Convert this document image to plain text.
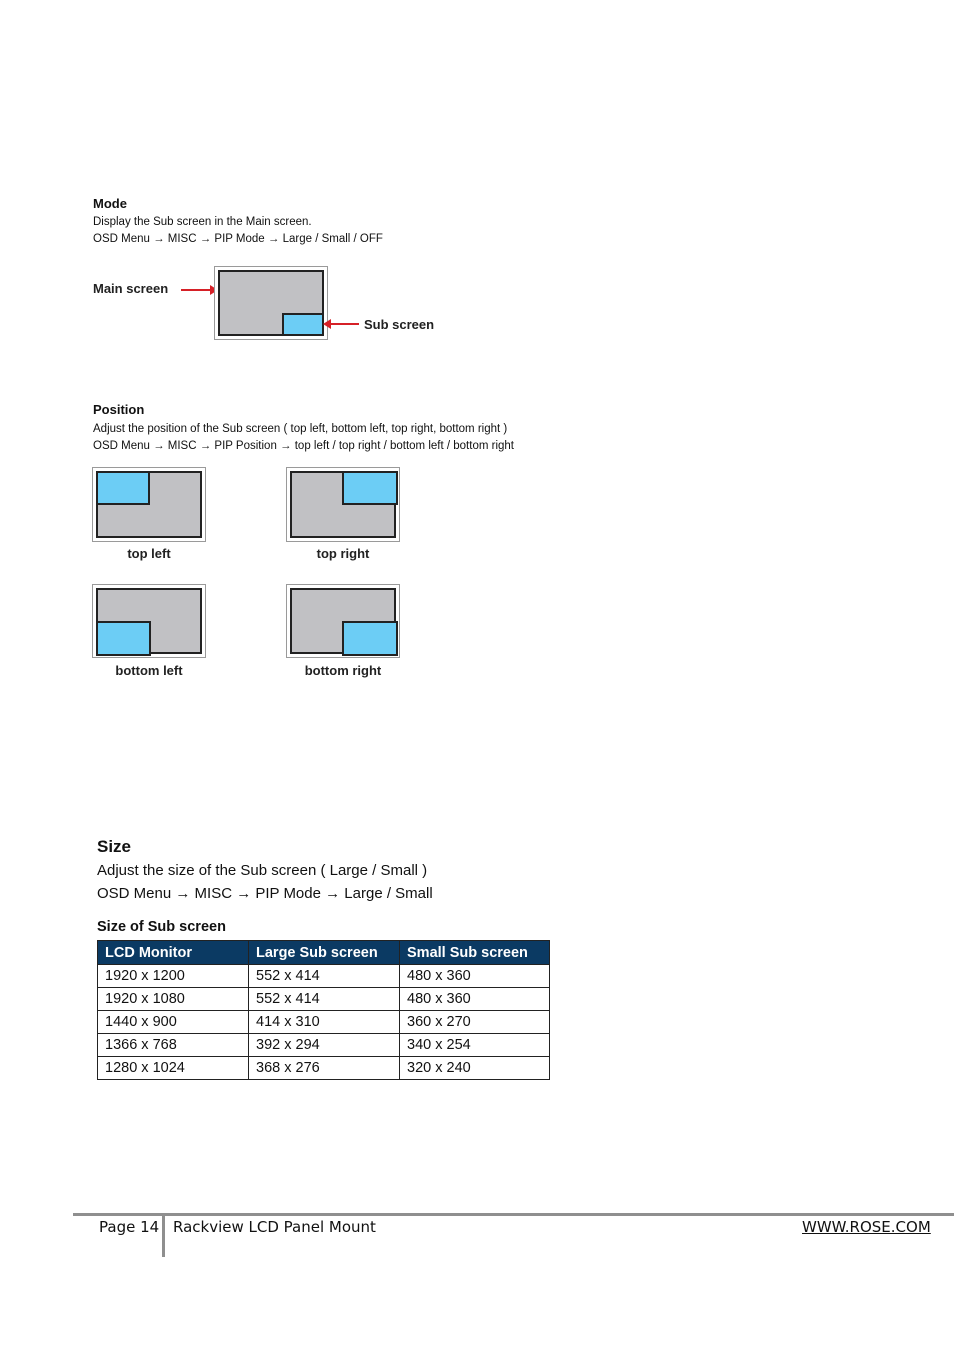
Mode
Display the Sub screen in the Main screen.
OSD Menu → MISC → PIP Mode → Large / Small / OFF
Main screen
Sub screen
Position
Adjust the position of the Sub screen ( top left, bottom left, top right, bottom right )
OSD Menu → MISC → PIP Position → top left / top right / bottom left / bottom right
top left	top right
bottom left	bottom right
Size
Adjust the size of the Sub screen ( Large / Small )
OSD Menu → MISC → PIP Mode → Large / Small
Size of Sub screen
LCD Monitor	Large Sub screen	Small Sub screen
1920 x 1200	552 x 414	480 x 360
1920 x 1080	552 x 414	480 x 360
1440 x 900	414 x 310	360 x 270
1366 x 768	392 x 294	340 x 254
1280 x 1024	368 x 276	320 x 240
Page 14 Rackview LCD Panel Mount	WWW.ROSE.COM
